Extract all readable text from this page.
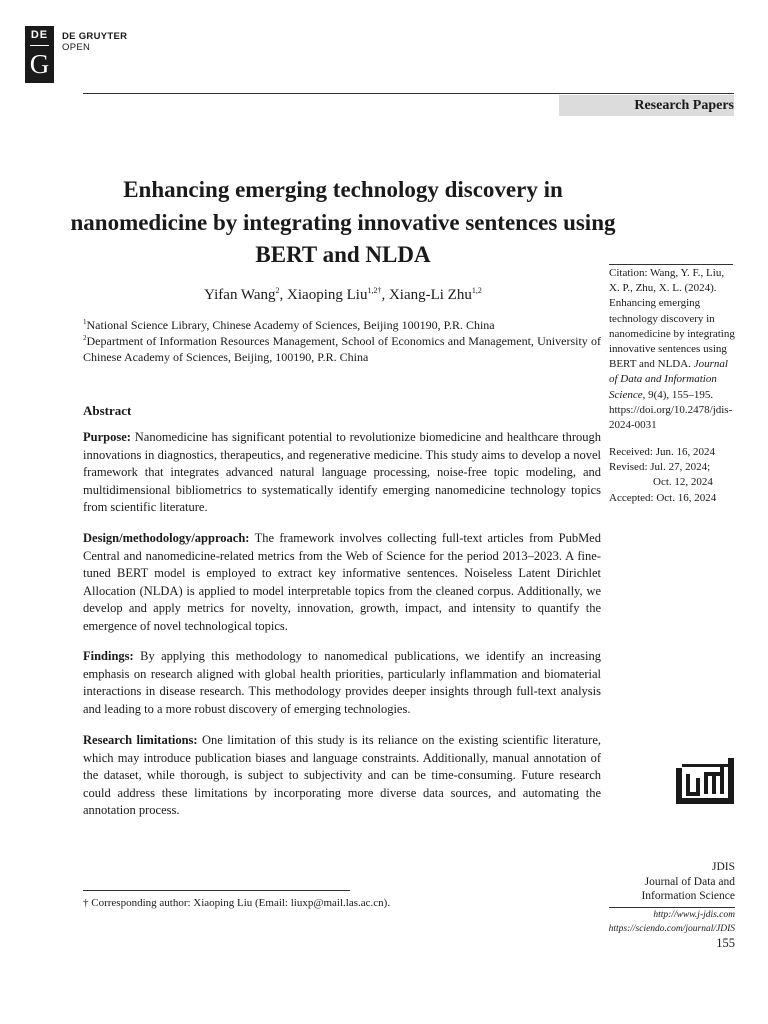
DE
G
DE GRUYTER
OPEN
Research Papers
Enhancing emerging technology discovery in nanomedicine by integrating innovative sentences using BERT and NLDA
Yifan Wang$^2$, Xiaoping Liu$^{1,2\dagger}$, Xiang-Li Zhu$^{1,2}$
$^1$National Science Library, Chinese Academy of Sciences, Beijing 100190, P.R. China
$^2$Department of Information Resources Management, School of Economics and Management, University of Chinese Academy of Sciences, Beijing, 100190, P.R. China
Abstract
Purpose: Nanomedicine has significant potential to revolutionize biomedicine and healthcare through innovations in diagnostics, therapeutics, and regenerative medicine. This study aims to develop a novel framework that integrates advanced natural language processing, noise-free topic modeling, and multidimensional bibliometrics to systematically identify emerging nanomedicine technology topics from scientific literature.
Design/methodology/approach: The framework involves collecting full-text articles from PubMed Central and nanomedicine-related metrics from the Web of Science for the period 2013–2023. A fine-tuned BERT model is employed to extract key informative sentences. Noiseless Latent Dirichlet Allocation (NLDA) is applied to model interpretable topics from the cleaned corpus. Additionally, we develop and apply metrics for novelty, innovation, growth, impact, and intensity to quantify the emergence of novel technological topics.
Findings: By applying this methodology to nanomedical publications, we identify an increasing emphasis on research aligned with global health priorities, particularly inflammation and biomaterial interactions in disease research. This methodology provides deeper insights through full-text analysis and leading to a more robust discovery of emerging technologies.
Research limitations: One limitation of this study is its reliance on the existing scientific literature, which may introduce publication biases and language constraints. Additionally, manual annotation of the dataset, while thorough, is subject to subjectivity and can be time-consuming. Future research could address these limitations by incorporating more diverse data sources, and automating the annotation process.
Citation: Wang, Y. F., Liu, X. P., Zhu, X. L. (2024). Enhancing emerging technology discovery in nanomedicine by integrating innovative sentences using BERT and NLDA. Journal of Data and Information Science, 9(4), 155–195. https://doi.org/10.2478/jdis-2024-0031
Received: Jun. 16, 2024
Revised: Jul. 27, 2024;
Oct. 12, 2024
Accepted: Oct. 16, 2024
JDIS
Journal of Data and
Information Science
http://www.j-jdis.com
https://sciendo.com/journal/JDIS
155
† Corresponding author: Xiaoping Liu (Email: liuxp@mail.las.ac.cn).
